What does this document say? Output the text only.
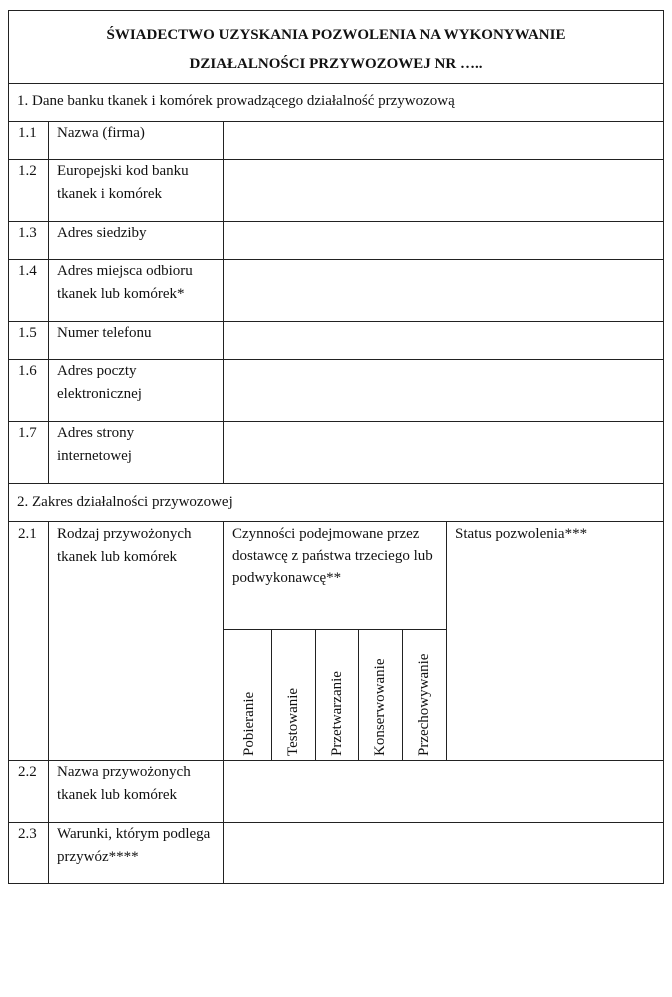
ŚWIADECTWO UZYSKANIA POZWOLENIA NA WYKONYWANIE
DZIAŁALNOŚCI PRZYWOZOWEJ NR …..
1. Dane banku tkanek i komórek prowadzącego działalność przywozową
1.1 Nazwa (firma)
1.2 Europejski kod banku tkanek i komórek
1.3 Adres siedziby
1.4 Adres miejsca odbioru tkanek lub komórek*
1.5 Numer telefonu
1.6 Adres poczty elektronicznej
1.7 Adres strony internetowej
2. Zakres działalności przywozowej
2.1 Rodzaj przywożonych tkanek lub komórek
Czynności podejmowane przez dostawcę z państwa trzeciego lub podwykonawcę**
Status pozwolenia***
Pobieranie Testowanie Przetwarzanie Konserwowanie Przechowywanie
2.2 Nazwa przywożonych tkanek lub komórek
2.3 Warunki, którym podlega przywóz****
